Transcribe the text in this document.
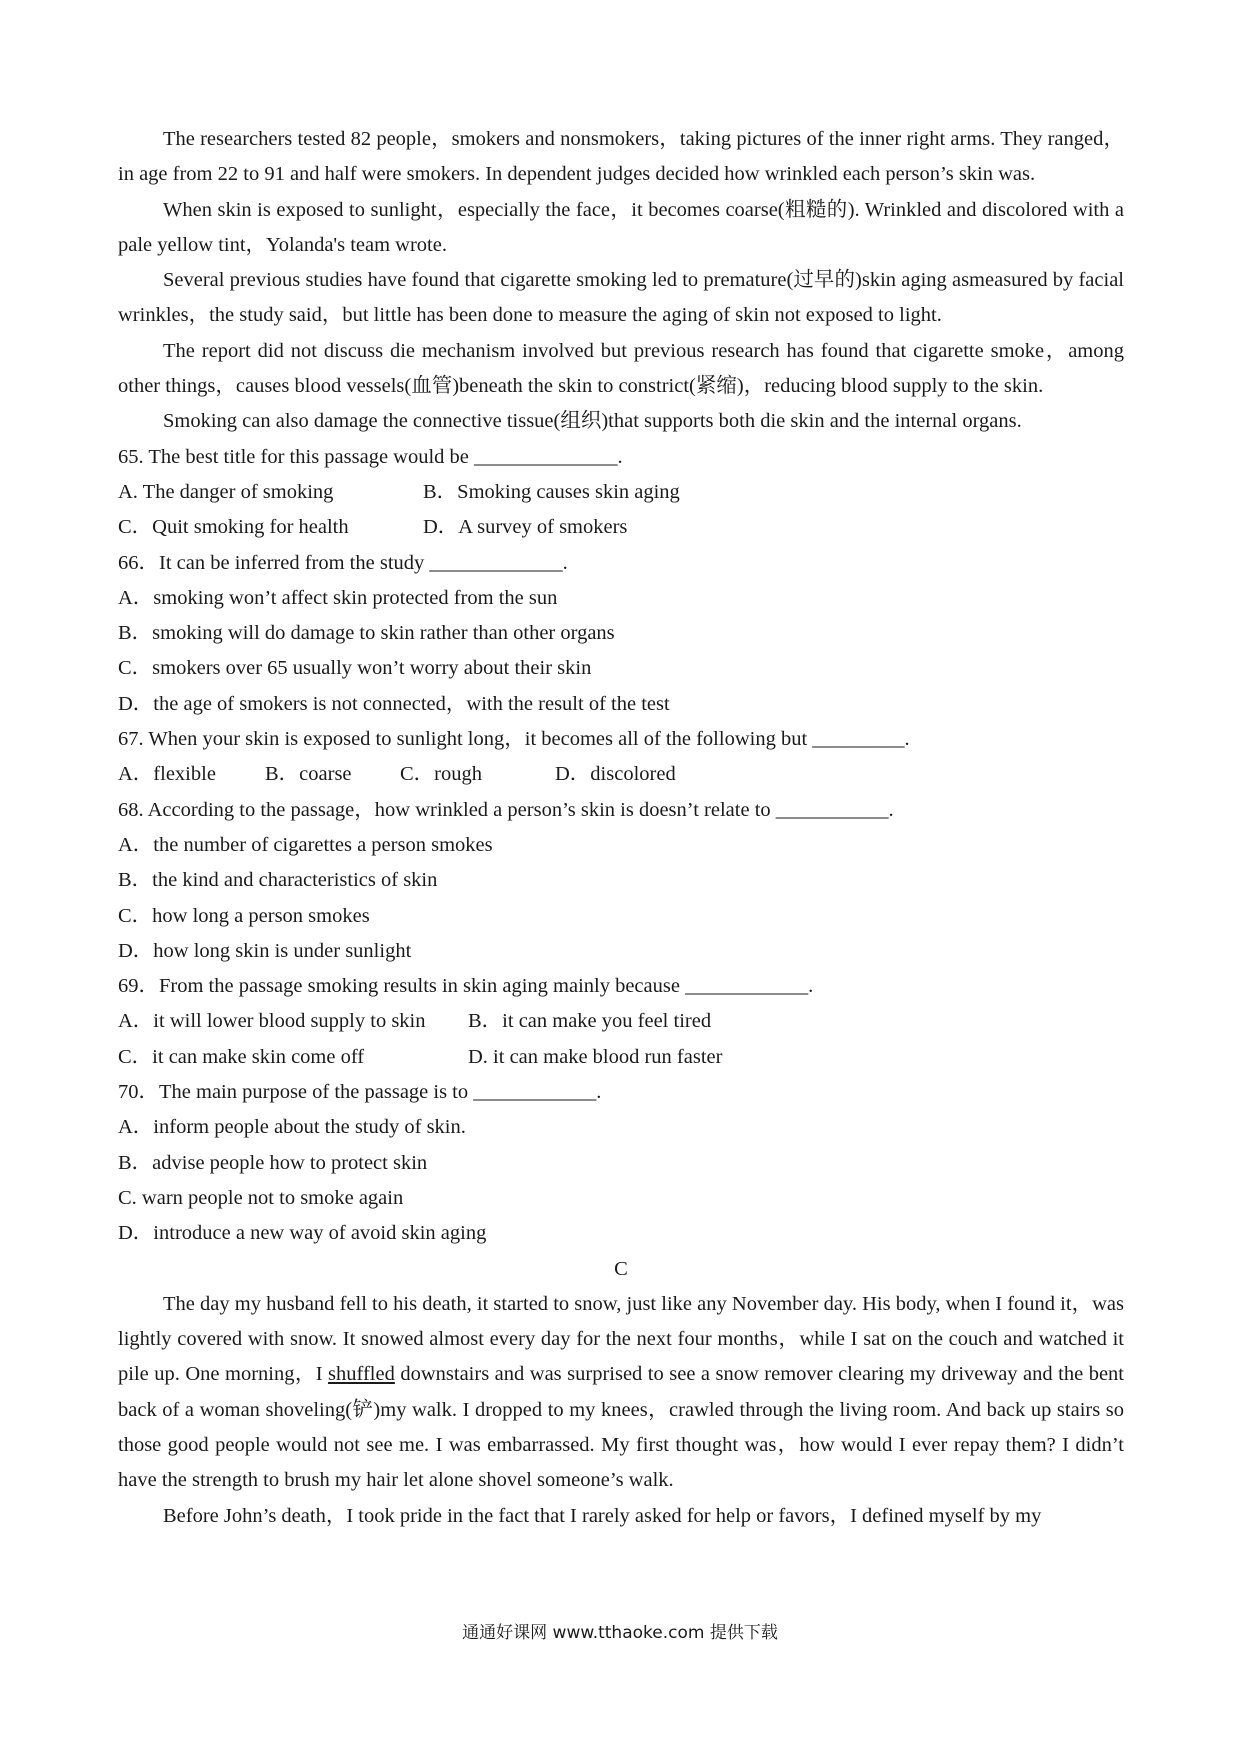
The researchers tested 82 people，smokers and nonsmokers，taking pictures of the inner right arms. They ranged，in age from 22 to 91 and half were smokers. In dependent judges decided how wrinkled each person’s skin was.

When skin is exposed to sunlight，especially the face，it becomes coarse(粗糙的). Wrinkled and discolored with a pale yellow tint，Yolanda's team wrote.

Several previous studies have found that cigarette smoking led to premature(过早的)skin aging asmeasured by facial wrinkles，the study said，but little has been done to measure the aging of skin not exposed to light.

The report did not discuss die mechanism involved but previous research has found that cigarette smoke，among other things，causes blood vessels(血管)beneath the skin to constrict(紧缩)，reducing blood supply to the skin.

Smoking can also damage the connective tissue(组织)that supports both die skin and the internal organs.

65. The best title for this passage would be ______________.

A. The danger of smoking	B．Smoking causes skin aging
C．Quit smoking for health	D．A survey of smokers

66．It can be inferred from the study _____________.

A．smoking won’t affect skin protected from the sun

B．smoking will do damage to skin rather than other organs

C．smokers over 65 usually won’t worry about their skin

D．the age of smokers is not connected，with the result of the test

67. When your skin is exposed to sunlight long，it becomes all of the following but _________.

A．flexible B．coarse C．rough	D．discolored

68. According to the passage，how wrinkled a person’s skin is doesn’t relate to ___________.

A．the number of cigarettes a person smokes

B．the kind and characteristics of skin

C．how long a person smokes

D．how long skin is under sunlight

69．From the passage smoking results in skin aging mainly because ____________.

A．it will lower blood supply to skin B．it can make you feel tired
C．it can make skin come off	D. it can make blood run faster

70．The main purpose of the passage is to ____________.

A．inform people about the study of skin.

B．advise people how to protect skin

C. warn people not to smoke again

D．introduce a new way of avoid skin aging

C

The day my husband fell to his death, it started to snow, just like any November day. His body, when I found it，was lightly covered with snow. It snowed almost every day for the next four months，while I sat on the couch and watched it pile up. One morning，I shuffled downstairs and was surprised to see a snow remover clearing my driveway and the bent back of a woman shoveling(铲)my walk. I dropped to my knees，crawled through the living room. And back up stairs so those good people would not see me. I was embarrassed. My first thought was，how would I ever repay them? I didn’t have the strength to brush my hair let alone shovel someone’s walk.

Before John’s death，I took pride in the fact that I rarely asked for help or favors，I defined myself by my

通通好课网 www.tthaoke.com 提供下载
